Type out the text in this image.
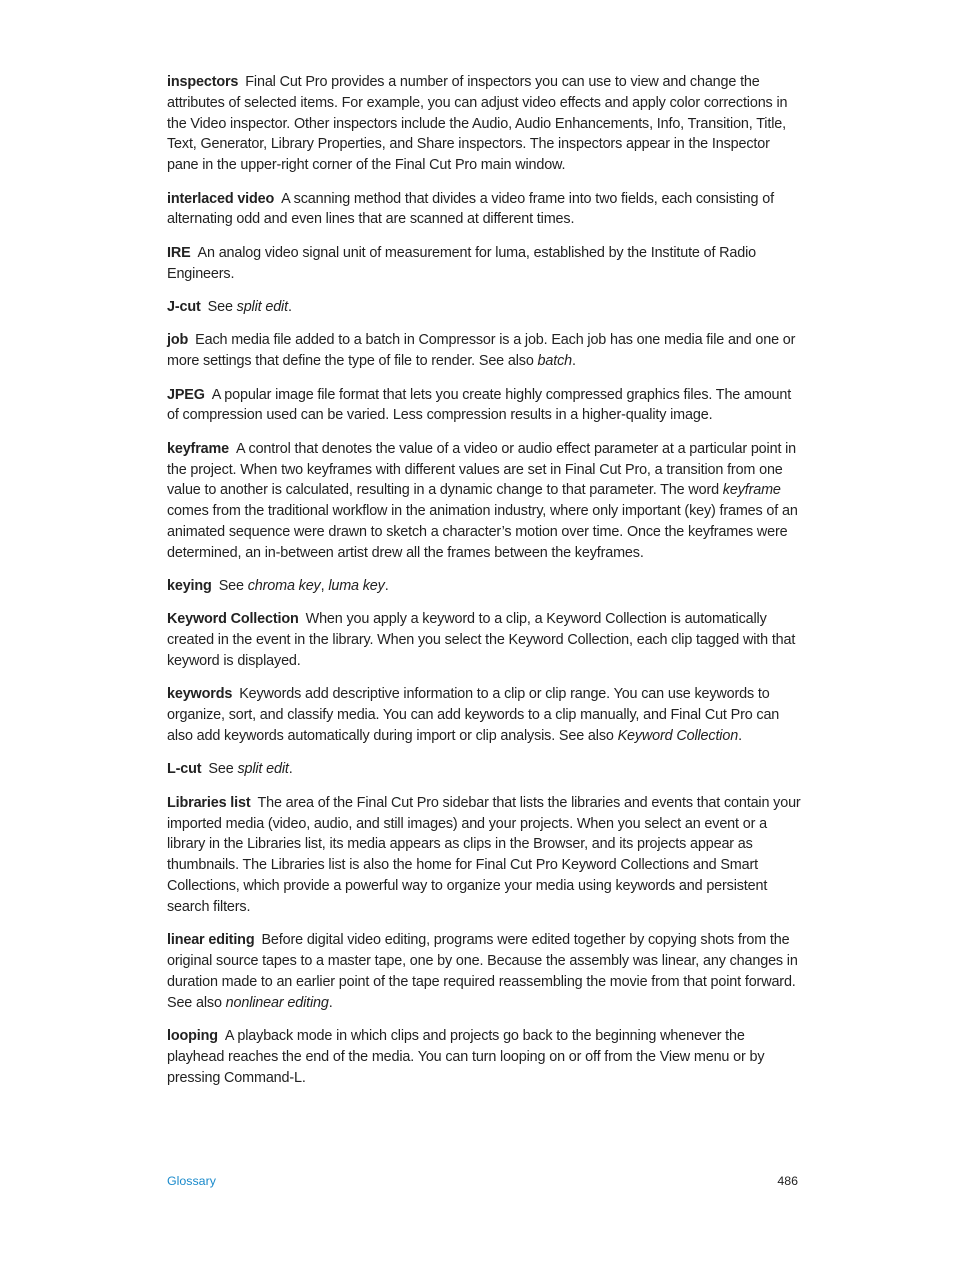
inspectors Final Cut Pro provides a number of inspectors you can use to view and change the attributes of selected items. For example, you can adjust video effects and apply color corrections in the Video inspector. Other inspectors include the Audio, Audio Enhancements, Info, Transition, Title, Text, Generator, Library Properties, and Share inspectors. The inspectors appear in the Inspector pane in the upper-right corner of the Final Cut Pro main window.

interlaced video A scanning method that divides a video frame into two fields, each consisting of alternating odd and even lines that are scanned at different times.

IRE An analog video signal unit of measurement for luma, established by the Institute of Radio Engineers.

J-cut See split edit.

job Each media file added to a batch in Compressor is a job. Each job has one media file and one or more settings that define the type of file to render. See also batch.

JPEG A popular image file format that lets you create highly compressed graphics files. The amount of compression used can be varied. Less compression results in a higher-quality image.

keyframe A control that denotes the value of a video or audio effect parameter at a particular point in the project. When two keyframes with different values are set in Final Cut Pro, a transition from one value to another is calculated, resulting in a dynamic change to that parameter. The word keyframe comes from the traditional workflow in the animation industry, where only important (key) frames of an animated sequence were drawn to sketch a character’s motion over time. Once the keyframes were determined, an in-between artist drew all the frames between the keyframes.

keying See chroma key, luma key.

Keyword Collection When you apply a keyword to a clip, a Keyword Collection is automatically created in the event in the library. When you select the Keyword Collection, each clip tagged with that keyword is displayed.

keywords Keywords add descriptive information to a clip or clip range. You can use keywords to organize, sort, and classify media. You can add keywords to a clip manually, and Final Cut Pro can also add keywords automatically during import or clip analysis. See also Keyword Collection.

L-cut See split edit.

Libraries list The area of the Final Cut Pro sidebar that lists the libraries and events that contain your imported media (video, audio, and still images) and your projects. When you select an event or a library in the Libraries list, its media appears as clips in the Browser, and its projects appear as thumbnails. The Libraries list is also the home for Final Cut Pro Keyword Collections and Smart Collections, which provide a powerful way to organize your media using keywords and persistent search filters.

linear editing Before digital video editing, programs were edited together by copying shots from the original source tapes to a master tape, one by one. Because the assembly was linear, any changes in duration made to an earlier point of the tape required reassembling the movie from that point forward. See also nonlinear editing.

looping A playback mode in which clips and projects go back to the beginning whenever the playhead reaches the end of the media. You can turn looping on or off from the View menu or by pressing Command-L.

Glossary	486
